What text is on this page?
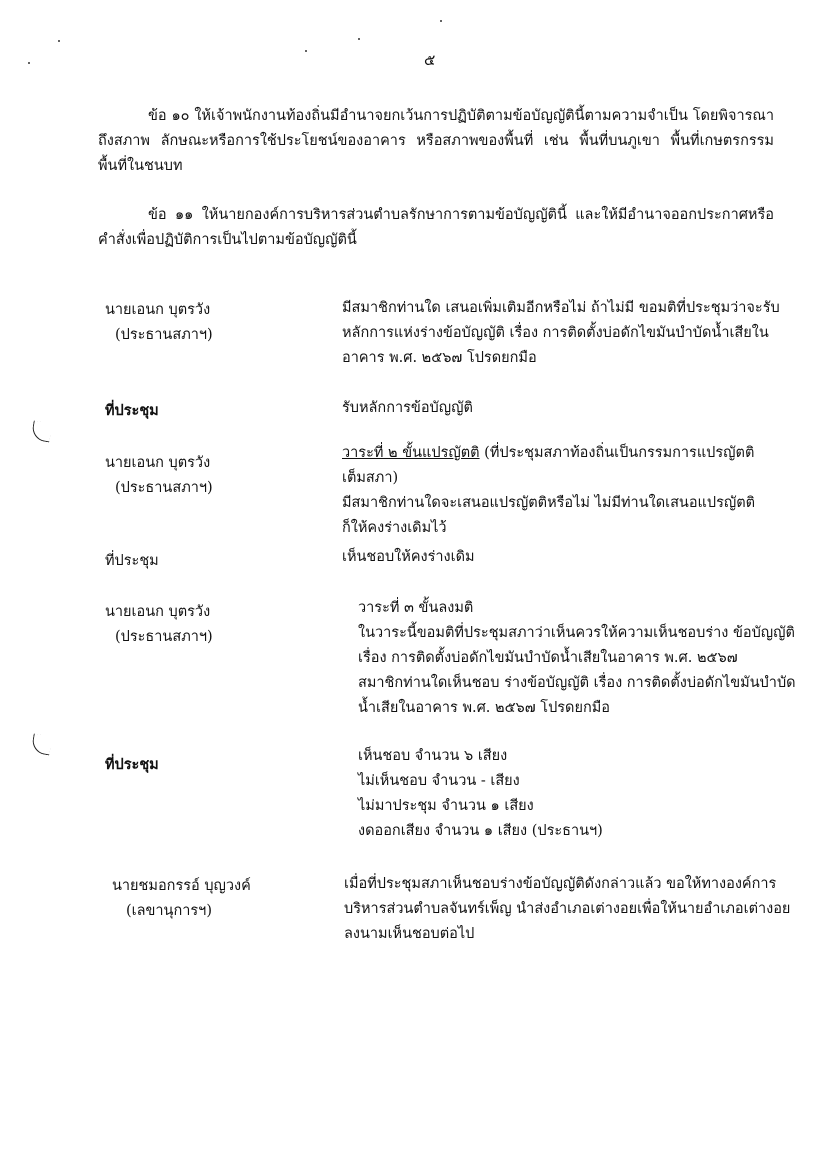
๕
ข้อ ๑๐ ให้เจ้าพนักงานท้องถิ่นมีอำนาจยกเว้นการปฏิบัติตามข้อบัญญัตินี้ตามความจำเป็น โดยพิจารณาถึงสภาพ ลักษณะหรือการใช้ประโยชน์ของอาคาร หรือสภาพของพื้นที่ เช่น พื้นที่บนภูเขา พื้นที่เกษตรกรรม พื้นที่ในชนบท
ข้อ ๑๑ ให้นายกองค์การบริหารส่วนตำบลรักษาการตามข้อบัญญัตินี้ และให้มีอำนาจออกประกาศหรือคำสั่งเพื่อปฏิบัติการเป็นไปตามข้อบัญญัตินี้
นายเอนก บุตรวัง
(ประธานสภาฯ)
มีสมาชิกท่านใด เสนอเพิ่มเติมอีกหรือไม่ ถ้าไม่มี ขอมติที่ประชุมว่าจะรับ
หลักการแห่งร่างข้อบัญญัติ เรื่อง การติดตั้งบ่อดักไขมันบำบัดน้ำเสียใน
อาคาร พ.ศ. ๒๕๖๗ โปรดยกมือ
ที่ประชุม	รับหลักการข้อบัญญัติ
นายเอนก บุตรวัง
(ประธานสภาฯ)
วาระที่ ๒ ขั้นแปรญัตติ (ที่ประชุมสภาท้องถิ่นเป็นกรรมการแปรญัตติ
เต็มสภา)
มีสมาชิกท่านใดจะเสนอแปรญัตติหรือไม่ ไม่มีท่านใดเสนอแปรญัตติ
ก็ให้คงร่างเดิมไว้
ที่ประชุม	เห็นชอบให้คงร่างเดิม
นายเอนก บุตรวัง
(ประธานสภาฯ)
วาระที่ ๓ ขั้นลงมติ
ในวาระนี้ขอมติที่ประชุมสภาว่าเห็นควรให้ความเห็นชอบร่าง ข้อบัญญัติ
เรื่อง การติดตั้งบ่อดักไขมันบำบัดน้ำเสียในอาคาร พ.ศ. ๒๕๖๗
สมาชิกท่านใดเห็นชอบ ร่างข้อบัญญัติ เรื่อง การติดตั้งบ่อดักไขมันบำบัด
น้ำเสียในอาคาร พ.ศ. ๒๕๖๗ โปรดยกมือ
ที่ประชุม	เห็นชอบ จำนวน ๖ เสียง
ไม่เห็นชอบ จำนวน - เสียง
ไม่มาประชุม จำนวน ๑ เสียง
งดออกเสียง จำนวน ๑ เสียง (ประธานฯ)
นายชมอกรรอ์ บุญวงค์
(เลขานุการฯ)
เมื่อที่ประชุมสภาเห็นชอบร่างข้อบัญญัติดังกล่าวแล้ว ขอให้ทางองค์การ
บริหารส่วนตำบลจันทร์เพ็ญ นำส่งอำเภอเต่างอยเพื่อให้นายอำเภอเต่างอย
ลงนามเห็นชอบต่อไป
